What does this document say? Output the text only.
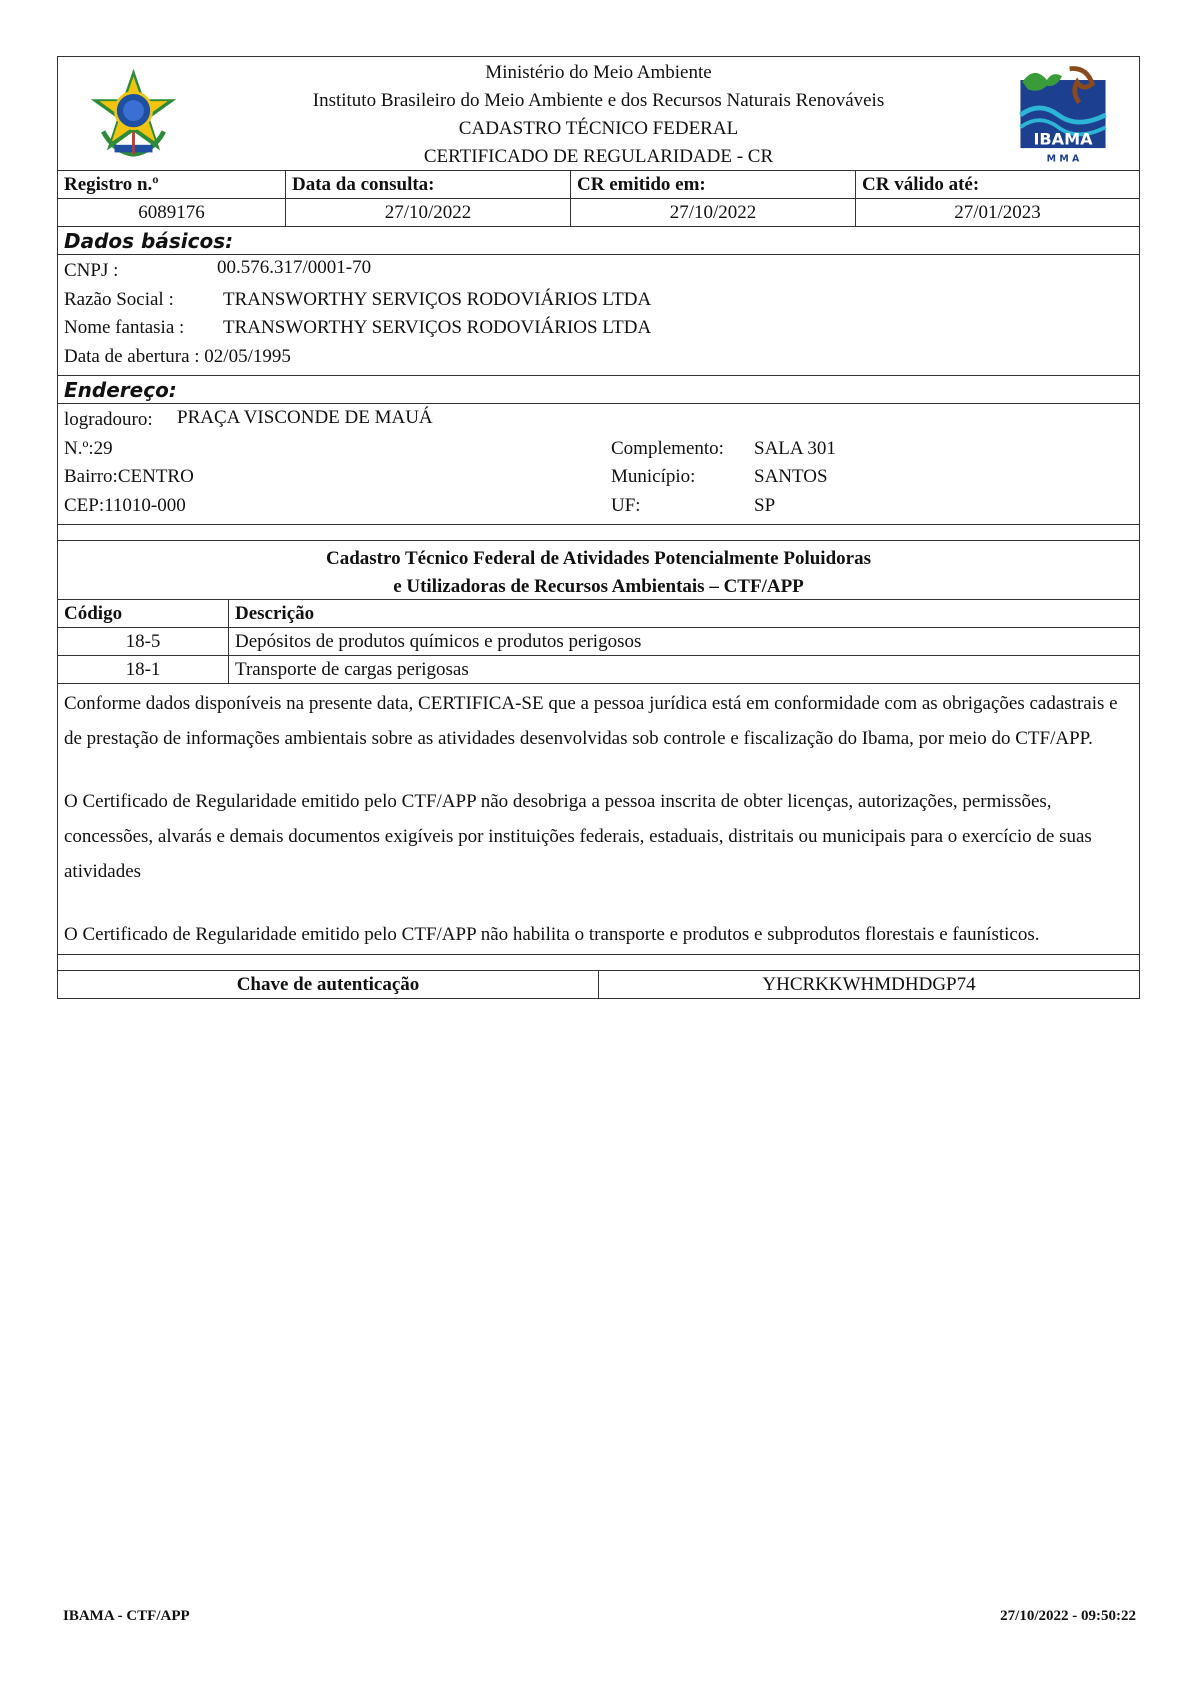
Ministério do Meio Ambiente
Instituto Brasileiro do Meio Ambiente e dos Recursos Naturais Renováveis
CADASTRO TÉCNICO FEDERAL
CERTIFICADO DE REGULARIDADE - CR
IBAMA
M M A
Registro n.º	Data da consulta:	CR emitido em:	CR válido até:
6089176	27/10/2022	27/10/2022	27/01/2023
Dados básicos:
CNPJ :	00.576.317/0001-70
Razão Social :	TRANSWORTHY SERVIÇOS RODOVIÁRIOS LTDA
Nome fantasia : TRANSWORTHY SERVIÇOS RODOVIÁRIOS LTDA
Data de abertura : 02/05/1995
Endereço:
logradouro: PRAÇA VISCONDE DE MAUÁ
N.º:29	Complemento: SALA 301
Bairro:CENTRO	Município:	SANTOS
CEP:11010-000	UF:	SP
Cadastro Técnico Federal de Atividades Potencialmente Poluidoras
e Utilizadoras de Recursos Ambientais – CTF/APP
Código	Descrição
18-5	Depósitos de produtos químicos e produtos perigosos
18-1	Transporte de cargas perigosas

Conforme dados disponíveis na presente data, CERTIFICA-SE que a pessoa jurídica está em conformidade com as obrigações cadastrais e de prestação de informações ambientais sobre as atividades desenvolvidas sob controle e fiscalização do Ibama, por meio do CTF/APP.

O Certificado de Regularidade emitido pelo CTF/APP não desobriga a pessoa inscrita de obter licenças, autorizações, permissões, concessões, alvarás e demais documentos exigíveis por instituições federais, estaduais, distritais ou municipais para o exercício de suas atividades

O Certificado de Regularidade emitido pelo CTF/APP não habilita o transporte e produtos e subprodutos florestais e faunísticos.

Chave de autenticação	YHCRKKWHMDHDGP74
IBAMA - CTF/APP	27/10/2022 - 09:50:22
